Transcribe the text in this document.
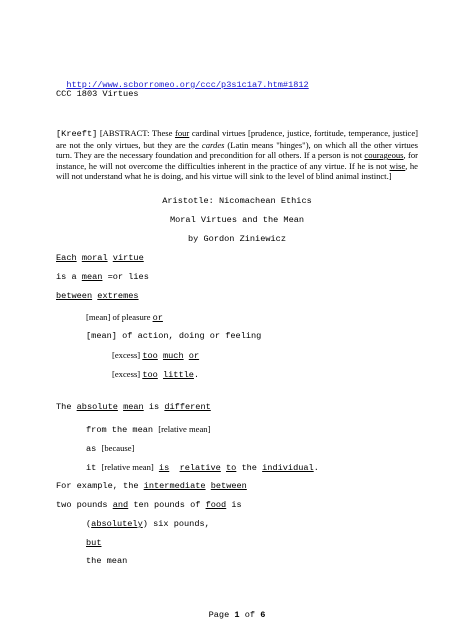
http://www.scborromeo.org/ccc/p3s1c1a7.htm#1812

CCC 1803 Virtues
[Kreeft] [ABSTRACT: These four cardinal virtues [prudence, justice, fortitude, temperance, justice] are not the only virtues, but they are the cardes (Latin means "hinges"), on which all the other virtues turn. They are the necessary foundation and precondition for all others. If a person is not courageous, for instance, he will not overcome the difficulties inherent in the practice of any virtue. If he is not wise, he will not understand what he is doing, and his virtue will sink to the level of blind animal instinct.]
Aristotle: Nicomachean Ethics
Moral Virtues and the Mean
by Gordon Ziniewicz
Each moral virtue
is a mean =or lies
between extremes
[mean] of pleasure or
[mean] of action, doing or feeling
[excess] too much or
[excess] too little.
The absolute mean is different
from the mean [relative mean]
as [because]
it [relative mean] is relative to the individual.
For example, the intermediate between
two pounds and ten pounds of food is
(absolutely) six pounds,
but
the mean
Page 1 of 6
